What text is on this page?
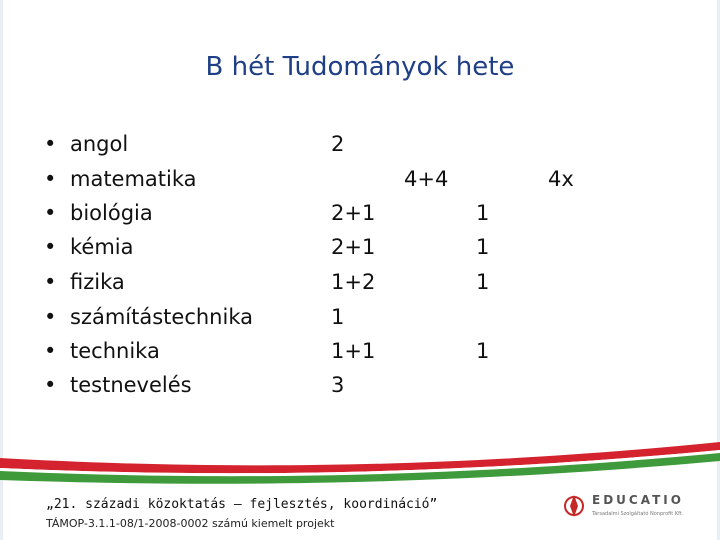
B hét Tudományok hete
• angol	2
• matematika	4+4	4x
• biológia	2+1	1
• kémia	2+1	1
• fizika	1+2	1
• számítástechnika	1
• technika	1+1	1
• testnevelés	3
„21. századi közoktatás – fejlesztés, koordináció”
TÁMOP-3.1.1-08/1-2008-0002 számú kiemelt projekt
EDUCATIO
Társadalmi Szolgáltató Nonprofit Kft.
